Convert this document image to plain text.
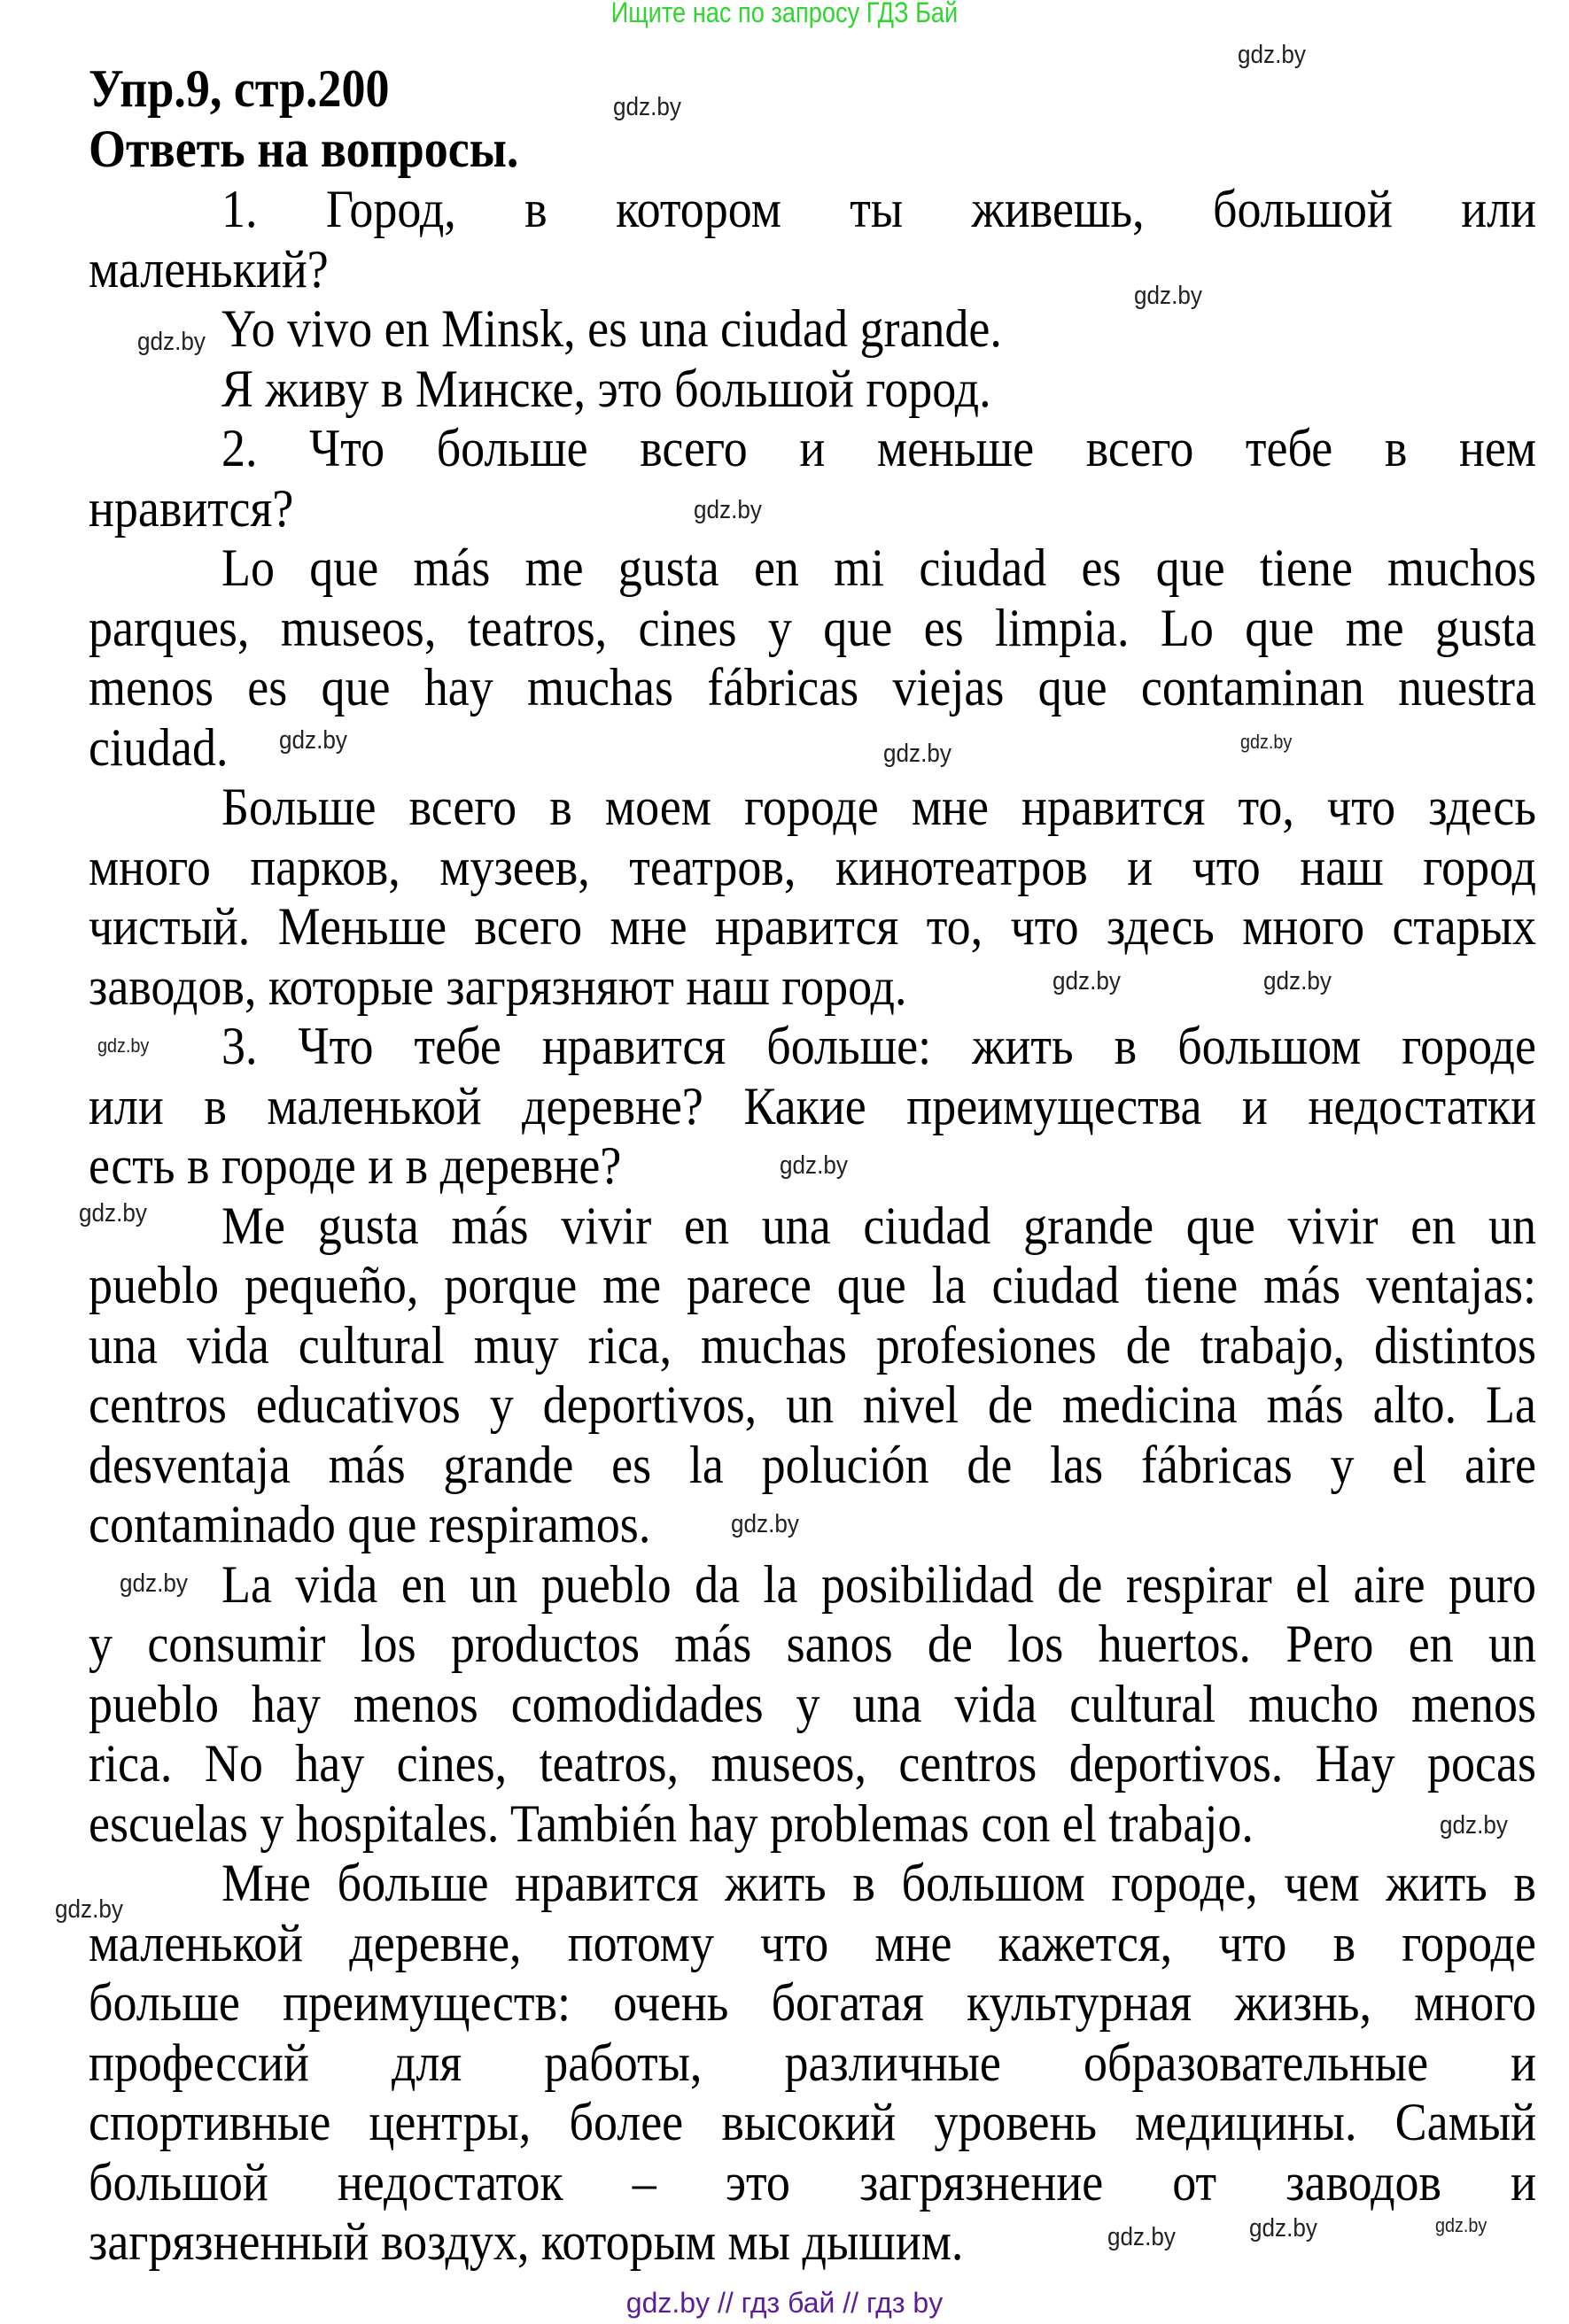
Ищите нас по запросу ГДЗ Бай
Упр.9, стр.200
Ответь на вопросы.
1. Город, в котором ты живешь, большой или
маленький?
Yo vivo en Minsk, es una ciudad grande.
Я живу в Минске, это большой город.
2. Что больше всего и меньше всего тебе в нем
нравится?
Lo que más me gusta en mi ciudad es que tiene muchos
parques, museos, teatros, cines y que es limpia. Lo que me gusta
menos es que hay muchas fábricas viejas que contaminan nuestra
ciudad.
Больше всего в моем городе мне нравится то, что здесь
много парков, музеев, театров, кинотеатров и что наш город
чистый. Меньше всего мне нравится то, что здесь много старых
заводов, которые загрязняют наш город.
3. Что тебе нравится больше: жить в большом городе
или в маленькой деревне? Какие преимущества и недостатки
есть в городе и в деревне?
Me gusta más vivir en una ciudad grande que vivir en un
pueblo pequeño, porque me parece que la ciudad tiene más ventajas:
una vida cultural muy rica, muchas profesiones de trabajo, distintos
centros educativos y deportivos, un nivel de medicina más alto. La
desventaja más grande es la polución de las fábricas y el aire
contaminado que respiramos.
La vida en un pueblo da la posibilidad de respirar el aire puro
y consumir los productos más sanos de los huertos. Pero en un
pueblo hay menos comodidades y una vida cultural mucho menos
rica. No hay cines, teatros, museos, centros deportivos. Hay pocas
escuelas y hospitales. También hay problemas con el trabajo.
Мне больше нравится жить в большом городе, чем жить в
маленькой деревне, потому что мне кажется, что в городе
больше преимуществ: очень богатая культурная жизнь, много
профессий для работы, различные образовательные и
спортивные центры, более высокий уровень медицины. Самый
большой недостаток – это загрязнение от заводов и
загрязненный воздух, которым мы дышим.
gdz.by
gdz.by
gdz.by
gdz.by
gdz.by
gdz.by
gdz.by	gdz.by
gdz.by
gdz.by
gdz.by
gdz.by
gdz.by
gdz.by
gdz.by
gdz.by
gdz.by
gdz.by
gdz.by
gdz.by
gdz.by // гдз бай // гдз by
